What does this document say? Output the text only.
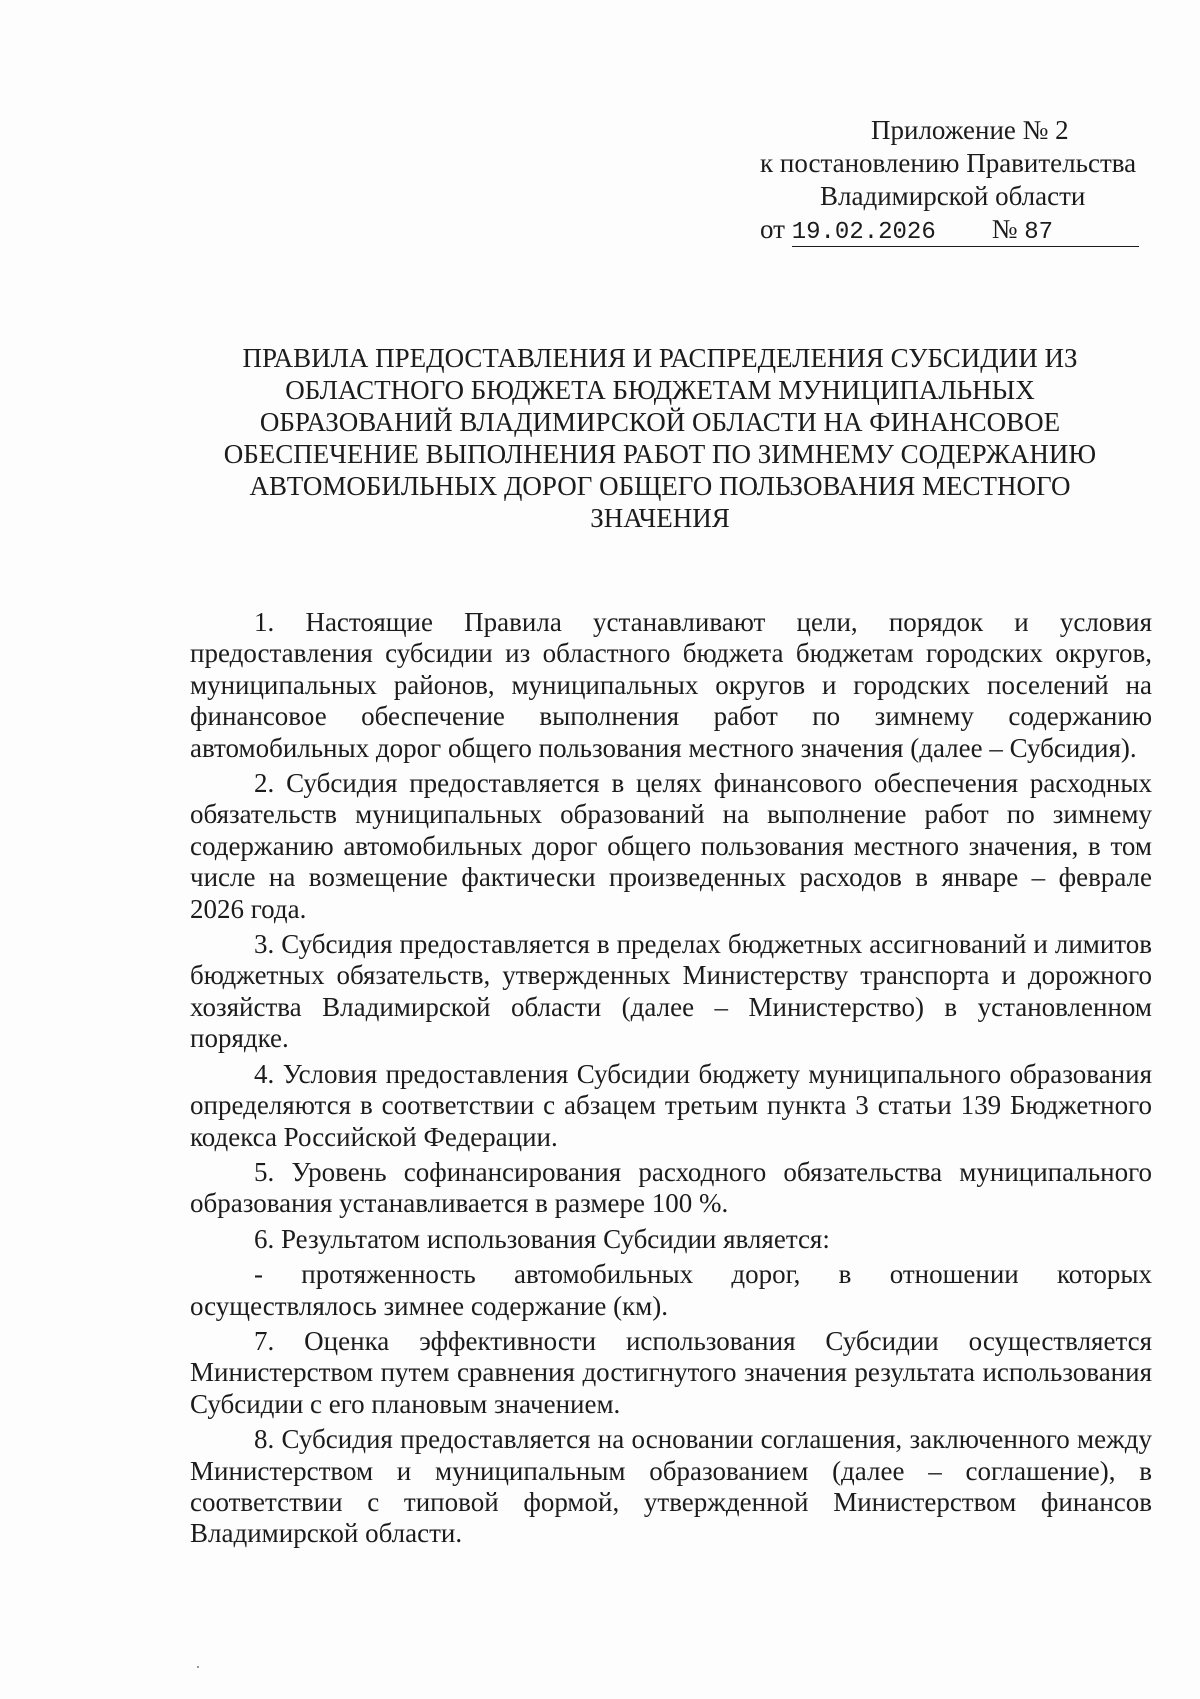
Приложение № 2
к постановлению Правительства
Владимирской области
от 19.02.2026 № 87
ПРАВИЛА ПРЕДОСТАВЛЕНИЯ И РАСПРЕДЕЛЕНИЯ СУБСИДИИ ИЗ
ОБЛАСТНОГО БЮДЖЕТА БЮДЖЕТАМ МУНИЦИПАЛЬНЫХ
ОБРАЗОВАНИЙ ВЛАДИМИРСКОЙ ОБЛАСТИ НА ФИНАНСОВОЕ
ОБЕСПЕЧЕНИЕ ВЫПОЛНЕНИЯ РАБОТ ПО ЗИМНЕМУ СОДЕРЖАНИЮ
АВТОМОБИЛЬНЫХ ДОРОГ ОБЩЕГО ПОЛЬЗОВАНИЯ МЕСТНОГО
ЗНАЧЕНИЯ

1. Настоящие Правила устанавливают цели, порядок и условия предоставления субсидии из областного бюджета бюджетам городских округов, муниципальных районов, муниципальных округов и городских поселений на финансовое обеспечение выполнения работ по зимнему содержанию автомобильных дорог общего пользования местного значения (далее – Субсидия).

2. Субсидия предоставляется в целях финансового обеспечения расходных обязательств муниципальных образований на выполнение работ по зимнему содержанию автомобильных дорог общего пользования местного значения, в том числе на возмещение фактически произведенных расходов в январе – феврале 2026 года.

3. Субсидия предоставляется в пределах бюджетных ассигнований и лимитов бюджетных обязательств, утвержденных Министерству транспорта и дорожного хозяйства Владимирской области (далее – Министерство) в установленном порядке.

4. Условия предоставления Субсидии бюджету муниципального образования определяются в соответствии с абзацем третьим пункта 3 статьи 139 Бюджетного кодекса Российской Федерации.

5. Уровень софинансирования расходного обязательства муниципального образования устанавливается в размере 100 %.

6. Результатом использования Субсидии является:

- протяженность автомобильных дорог, в отношении которых осуществлялось зимнее содержание (км).

7. Оценка эффективности использования Субсидии осуществляется Министерством путем сравнения достигнутого значения результата использования Субсидии с его плановым значением.

8. Субсидия предоставляется на основании соглашения, заключенного между Министерством и муниципальным образованием (далее – соглашение), в соответствии с типовой формой, утвержденной Министерством финансов Владимирской области.
